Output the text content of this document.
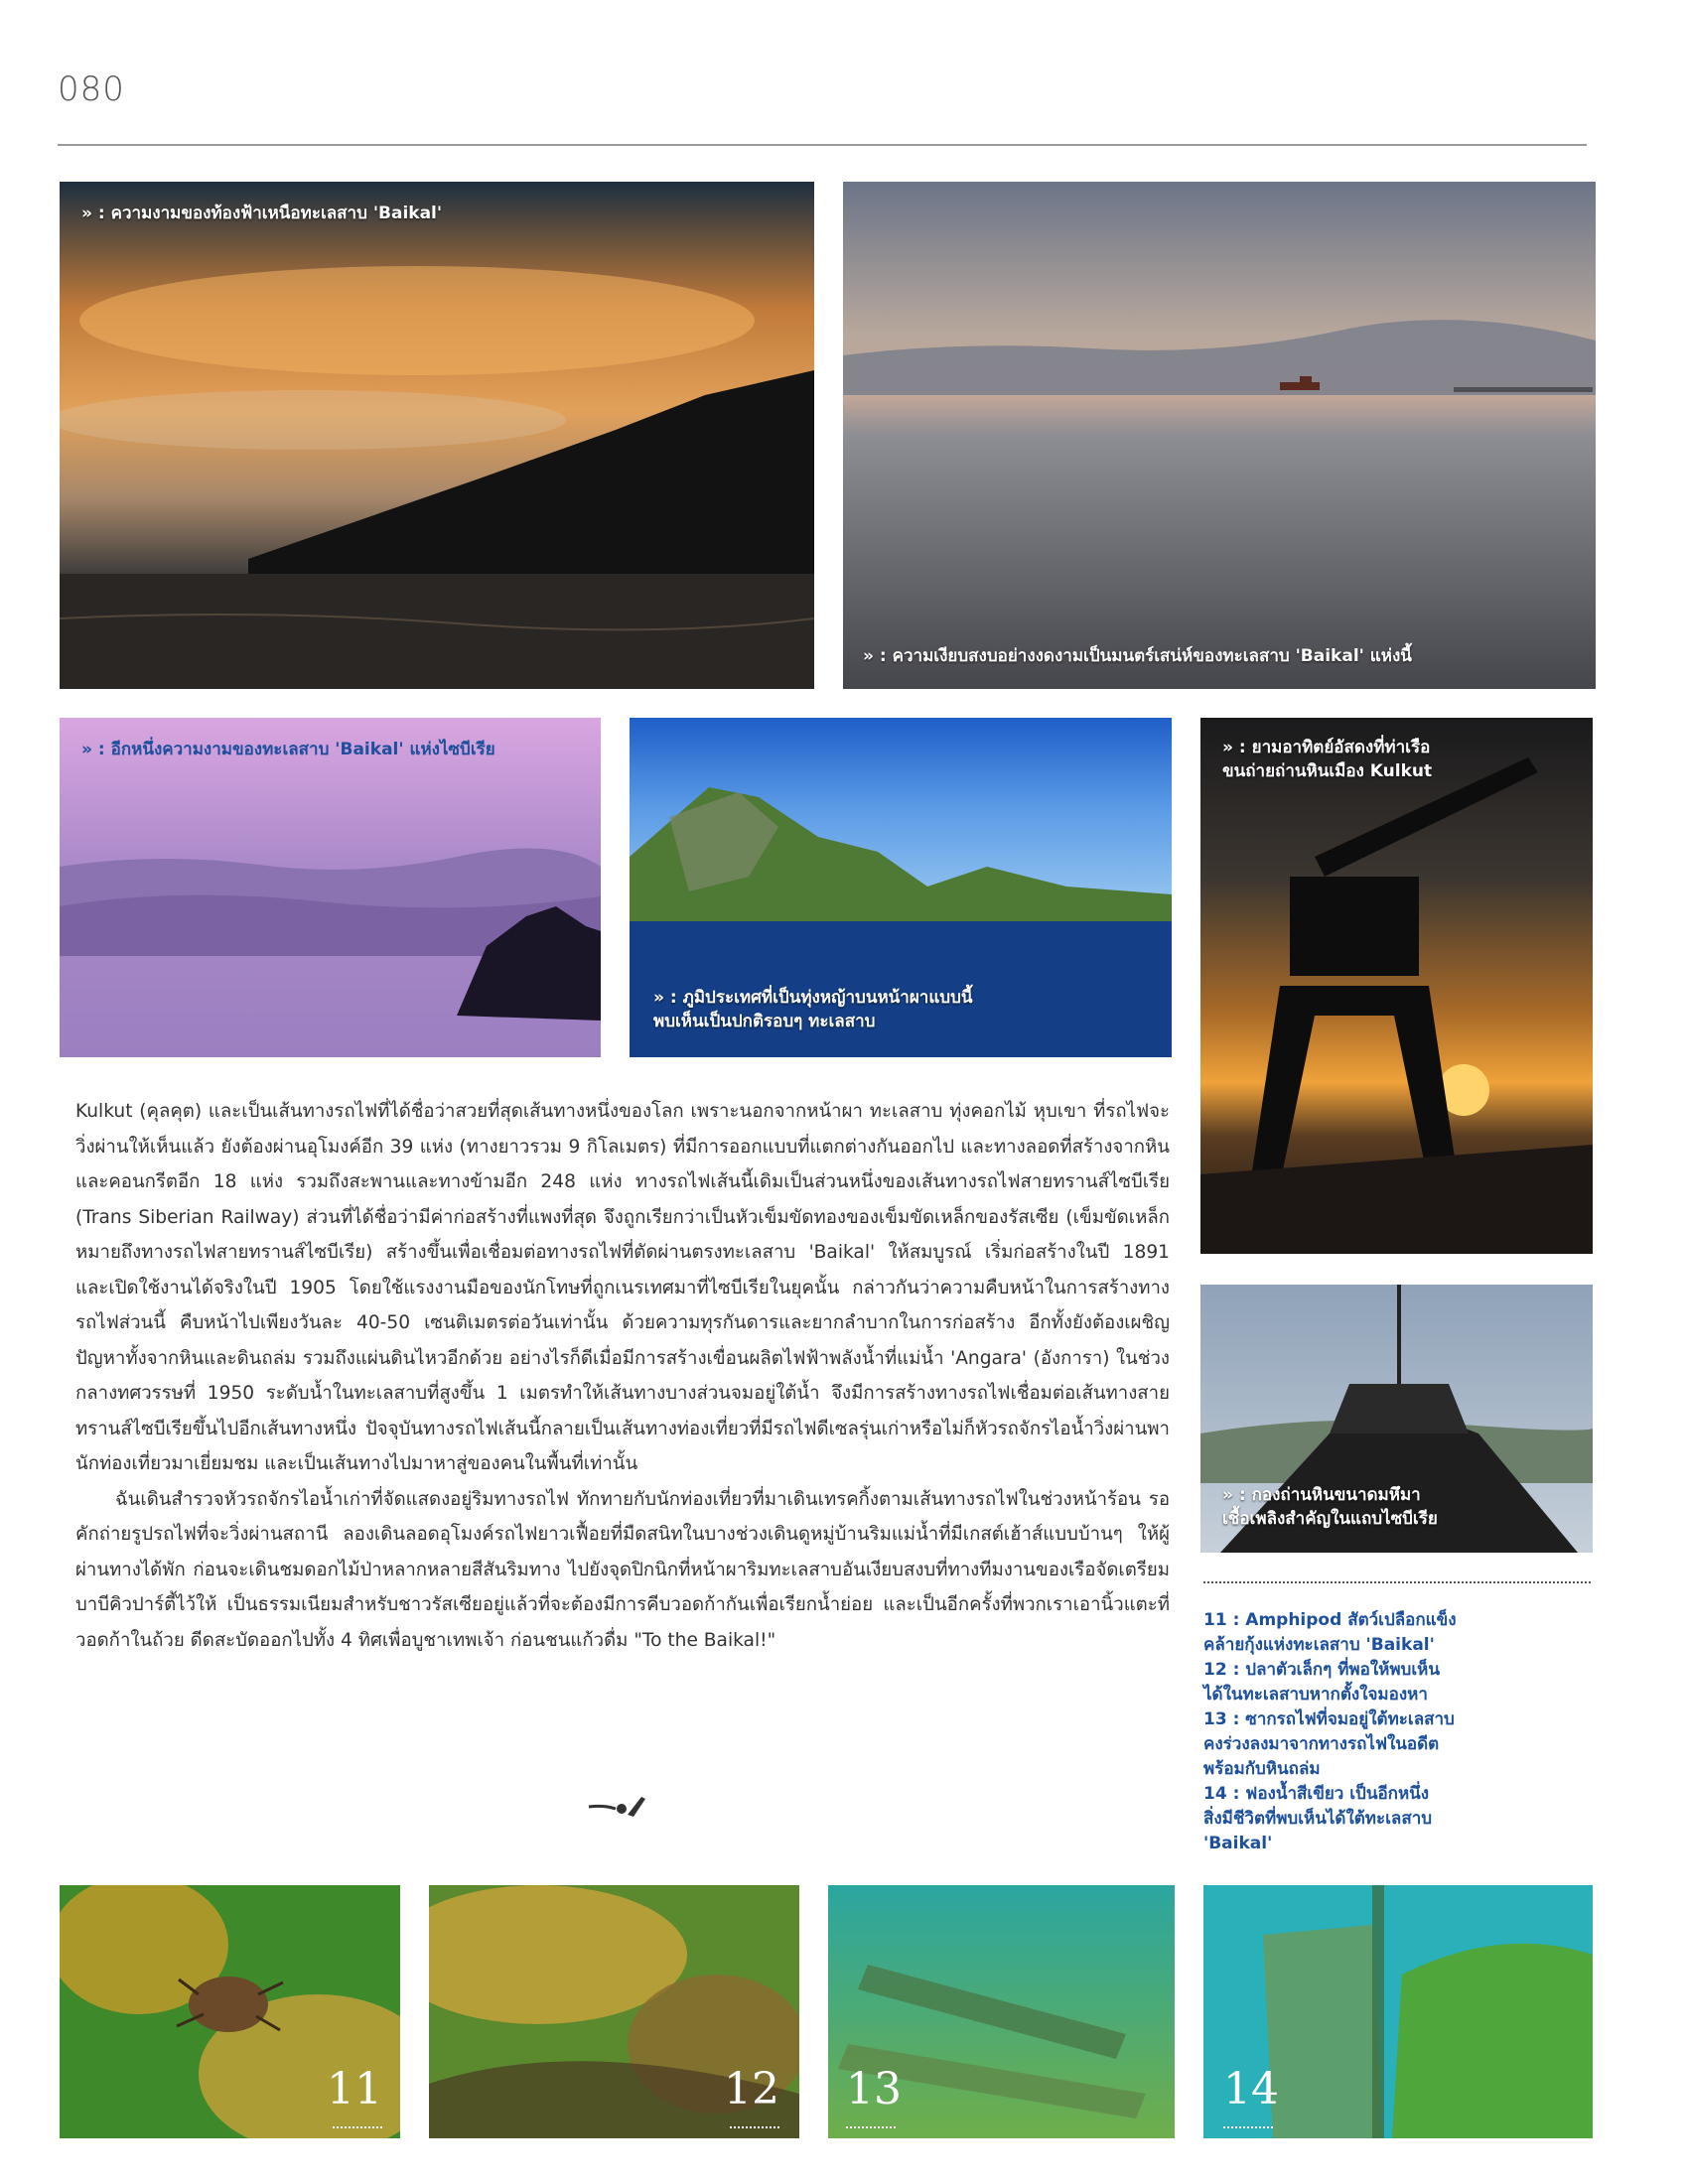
080
» : ความงามของท้องฟ้าเหนือทะเลสาบ 'Baikal'
» : ความเงียบสงบอย่างงดงามเป็นมนตร์เสน่ห์ของทะเลสาบ 'Baikal' แห่งนี้
» : อีกหนึ่งความงามของทะเลสาบ 'Baikal' แห่งไซบีเรีย
» : ภูมิประเทศที่เป็นทุ่งหญ้าบนหน้าผาแบบนี้
พบเห็นเป็นปกติรอบๆ ทะเลสาบ
» : ยามอาทิตย์อัสดงที่ท่าเรือ
ขนถ่ายถ่านหินเมือง Kulkut
» : กองถ่านหินขนาดมหึมา
เชื้อเพลิงสำคัญในแถบไซบีเรีย

Kulkut (คุลคุต) และเป็นเส้นทางรถไฟที่ได้ชื่อว่าสวยที่สุดเส้นทางหนึ่งของโลก เพราะนอกจากหน้าผา ทะเลสาบ ทุ่งคอกไม้ หุบเขา ที่รถไฟจะวิ่งผ่านให้เห็นแล้ว ยังต้องผ่านอุโมงค์อีก 39 แห่ง (ทางยาวรวม 9 กิโลเมตร) ที่มีการออกแบบที่แตกต่างกันออกไป และทางลอดที่สร้างจากหินและคอนกรีตอีก 18 แห่ง รวมถึงสะพานและทางข้ามอีก 248 แห่ง ทางรถไฟเส้นนี้เดิมเป็นส่วนหนึ่งของเส้นทางรถไฟสายทรานส์ไซบีเรีย (Trans Siberian Railway) ส่วนที่ได้ชื่อว่ามีค่าก่อสร้างที่แพงที่สุด จึงถูกเรียกว่าเป็นหัวเข็มขัดทองของเข็มขัดเหล็กของรัสเซีย (เข็มขัดเหล็กหมายถึงทางรถไฟสายทรานส์ไซบีเรีย) สร้างขึ้นเพื่อเชื่อมต่อทางรถไฟที่ตัดผ่านตรงทะเลสาบ 'Baikal' ให้สมบูรณ์ เริ่มก่อสร้างในปี 1891 และเปิดใช้งานได้จริงในปี 1905 โดยใช้แรงงานมือของนักโทษที่ถูกเนรเทศมาที่ไซบีเรียในยุคนั้น กล่าวกันว่าความคืบหน้าในการสร้างทางรถไฟส่วนนี้ คืบหน้าไปเพียงวันละ 40-50 เซนติเมตรต่อวันเท่านั้น ด้วยความทุรกันดารและยากลำบากในการก่อสร้าง อีกทั้งยังต้องเผชิญปัญหาทั้งจากหินและดินถล่ม รวมถึงแผ่นดินไหวอีกด้วย อย่างไรก็ดีเมื่อมีการสร้างเขื่อนผลิตไฟฟ้าพลังน้ำที่แม่น้ำ 'Angara' (อังการา) ในช่วงกลางทศวรรษที่ 1950 ระดับน้ำในทะเลสาบที่สูงขึ้น 1 เมตรทำให้เส้นทางบางส่วนจมอยู่ใต้น้ำ จึงมีการสร้างทางรถไฟเชื่อมต่อเส้นทางสายทรานส์ไซบีเรียขึ้นไปอีกเส้นทางหนึ่ง ปัจจุบันทางรถไฟเส้นนี้กลายเป็นเส้นทางท่องเที่ยวที่มีรถไฟดีเซลรุ่นเก่าหรือไม่ก็หัวรถจักรไอน้ำวิ่งผ่านพานักท่องเที่ยวมาเยี่ยมชม และเป็นเส้นทางไปมาหาสู่ของคนในพื้นที่เท่านั้น

ฉันเดินสำรวจหัวรถจักรไอน้ำเก่าที่จัดแสดงอยู่ริมทางรถไฟ ทักทายกับนักท่องเที่ยวที่มาเดินเทรคกิ้งตามเส้นทางรถไฟในช่วงหน้าร้อน รอคักถ่ายรูปรถไฟที่จะวิ่งผ่านสถานี ลองเดินลอดอุโมงค์รถไฟยาวเฟื้อยที่มืดสนิทในบางช่วงเดินดูหมู่บ้านริมแม่น้ำที่มีเกสต์เฮ้าส์แบบบ้านๆ ให้ผู้ผ่านทางได้พัก ก่อนจะเดินชมดอกไม้ป่าหลากหลายสีสันริมทาง ไปยังจุดปิกนิกที่หน้าผาริมทะเลสาบอันเงียบสงบที่ทางทีมงานของเรือจัดเตรียมบาบีคิวปาร์ตี้ไว้ให้ เป็นธรรมเนียมสำหรับชาวรัสเซียอยู่แล้วที่จะต้องมีการคีบวอดก้ากันเพื่อเรียกน้ำย่อย และเป็นอีกครั้งที่พวกเราเอานิ้วแตะที่วอดก้าในถ้วย ดีดสะบัดออกไปทั้ง 4 ทิศเพื่อบูชาเทพเจ้า ก่อนชนแก้วดื่ม "To the Baikal!"

11 : Amphipod สัตว์เปลือกแข็ง
คล้ายกุ้งแห่งทะเลสาบ 'Baikal'
12 : ปลาตัวเล็กๆ ที่พอให้พบเห็น
ได้ในทะเลสาบหากตั้งใจมองหา
13 : ซากรถไฟที่จมอยู่ใต้ทะเลสาบ
คงร่วงลงมาจากทางรถไฟในอดีต
พร้อมกับหินถล่ม
14 : ฟองน้ำสีเขียว เป็นอีกหนึ่ง
สิ่งมีชีวิตที่พบเห็นได้ใต้ทะเลสาบ
'Baikal'
11	12 13	14
